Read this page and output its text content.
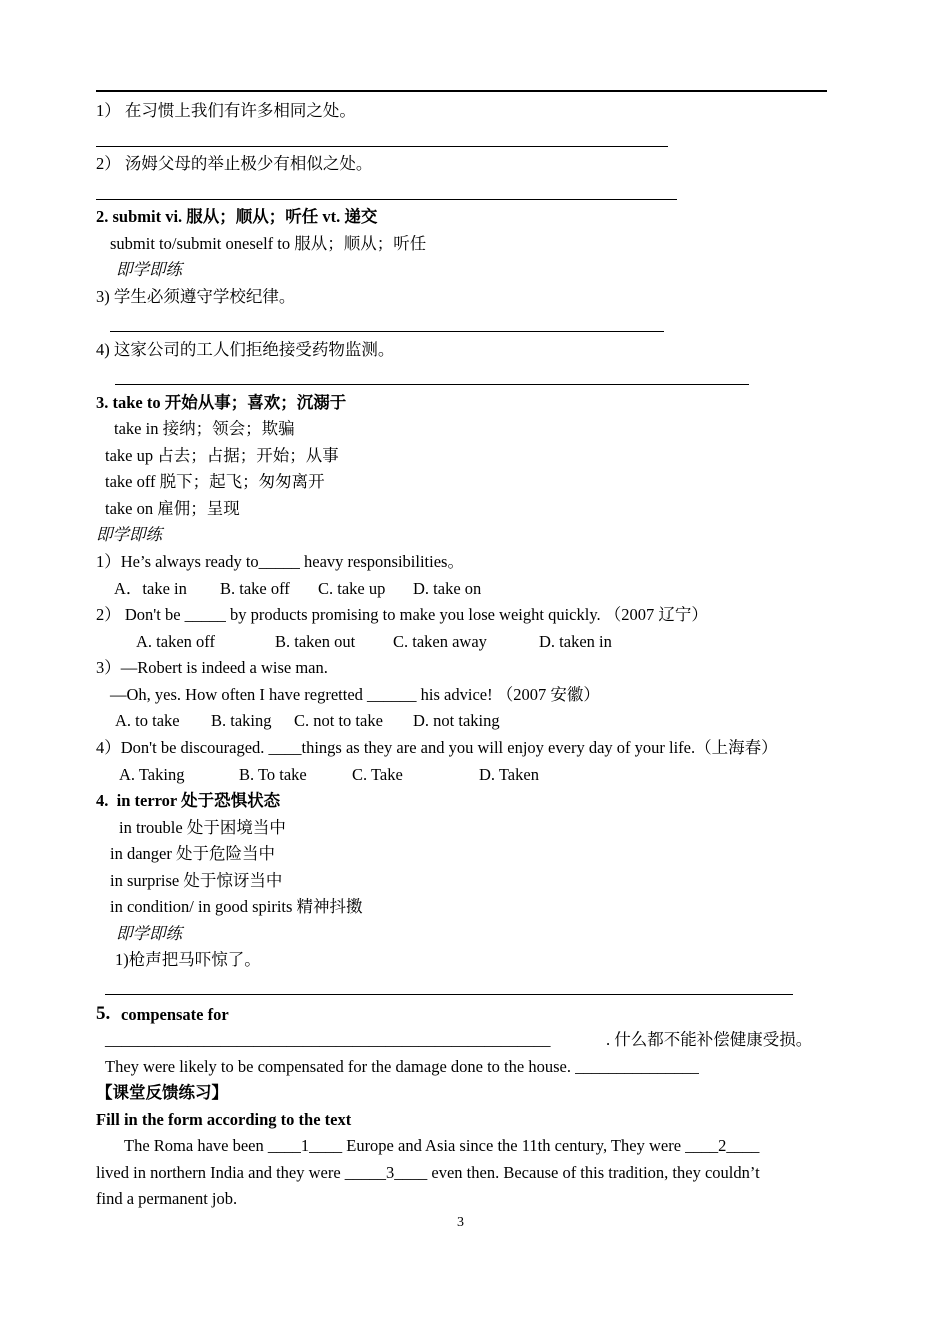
1） 在习惯上我们有许多相同之处。
2） 汤姆父母的举止极少有相似之处。
2. submit vi. 服从；顺从；听任 vt. 递交
submit to/submit oneself to 服从；顺从；听任
即学即练
3) 学生必须遵守学校纪律。
4) 这家公司的工人们拒绝接受药物监测。
3. take to 开始从事；喜欢；沉溺于
take in 接纳；领会；欺骗
take up 占去；占据；开始；从事
take off 脱下；起飞；匆匆离开
take on 雇佣；呈现
即学即练
1）He’s always ready to_____ heavy responsibilities。
A．take in B. take off C. take up D. take on
2） Don't be _____ by products promising to make you lose weight quickly. （2007 辽宁）
A. taken off	B. taken out C. taken away	D. taken in
3）—Robert is indeed a wise man.
—Oh, yes. How often I have regretted ______ his advice! （2007 安徽）
A. to take B. taking C. not to take D. not taking
4）Don't be discouraged. ____things as they are and you will enjoy every day of your life.（上海春）
A. Taking	B. To take	C. Take	D. Taken
4.  in terror 处于恐惧状态
in trouble 处于困境当中
in danger 处于危险当中
in surprise 处于惊讶当中
in condition/ in good spirits 精神抖擞
即学即练
1)枪声把马吓惊了。
5. compensate for
______________________________________________________	. 什么都不能补偿健康受损。
They were likely to be compensated for the damage done to the house. _______________
【课堂反馈练习】
Fill in the form according to the text
The Roma have been ____1____ Europe and Asia since the 11th century, They were ____2____
lived in northern India and they were _____3____ even then. Because of this tradition, they couldn’t
find a permanent job.
3
